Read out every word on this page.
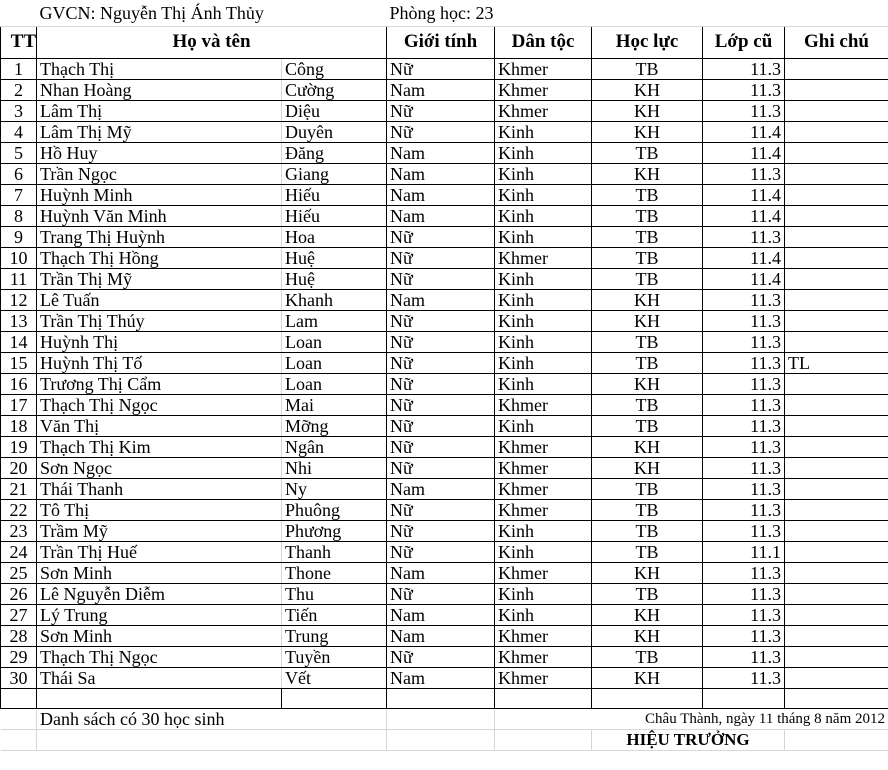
	GVCN: Nguyễn Thị Ánh Thủy		Phòng học: 23				
TT	Họ và tên		Giới tính	Dân tộc	Học lực	Lớp cũ	Ghi chú
1	Thạch Thị	Công	Nữ	Khmer	TB	11.3	
2	Nhan Hoàng	Cường	Nam	Khmer	KH	11.3	
3	Lâm Thị	Diệu	Nữ	Khmer	KH	11.3	
4	Lâm Thị Mỹ	Duyên	Nữ	Kinh	KH	11.4	
5	Hồ Huy	Đăng	Nam	Kinh	TB	11.4	
6	Trần Ngọc	Giang	Nam	Kinh	KH	11.3	
7	Huỳnh Minh	Hiếu	Nam	Kinh	TB	11.4	
8	Huỳnh Văn Minh	Hiếu	Nam	Kinh	TB	11.4	
9	Trang Thị Huỳnh	Hoa	Nữ	Kinh	TB	11.3	
10	Thạch Thị Hồng	Huệ	Nữ	Khmer	TB	11.4	
11	Trần Thị Mỹ	Huệ	Nữ	Kinh	TB	11.4	
12	Lê Tuấn	Khanh	Nam	Kinh	KH	11.3	
13	Trần Thị Thúy	Lam	Nữ	Kinh	KH	11.3	
14	Huỳnh Thị	Loan	Nữ	Kinh	TB	11.3	
15	Huỳnh Thị Tố	Loan	Nữ	Kinh	TB	11.3	TL
16	Trương Thị Cẩm	Loan	Nữ	Kinh	KH	11.3	
17	Thạch Thị Ngọc	Mai	Nữ	Khmer	TB	11.3	
18	Văn Thị	Mỡng	Nữ	Kinh	TB	11.3	
19	Thạch Thị Kim	Ngân	Nữ	Khmer	KH	11.3	
20	Sơn Ngọc	Nhi	Nữ	Khmer	KH	11.3	
21	Thái Thanh	Ny	Nam	Khmer	TB	11.3	
22	Tô Thị	Phuông	Nữ	Khmer	TB	11.3	
23	Trầm Mỹ	Phương	Nữ	Kinh	TB	11.3	
24	Trần Thị Huế	Thanh	Nữ	Kinh	TB	11.1	
25	Sơn Minh	Thone	Nam	Khmer	KH	11.3	
26	Lê Nguyễn Diễm	Thu	Nữ	Kinh	TB	11.3	
27	Lý Trung	Tiến	Nam	Kinh	KH	11.3	
28	Sơn Minh	Trung	Nam	Khmer	KH	11.3	
29	Thạch Thị Ngọc	Tuyền	Nữ	Khmer	TB	11.3	
30	Thái Sa	Vết	Nam	Khmer	KH	11.3	

	Danh sách có 30 học sinh			Châu Thành, ngày 11 tháng 8 năm 2012			
					HIỆU TRƯỞNG		
